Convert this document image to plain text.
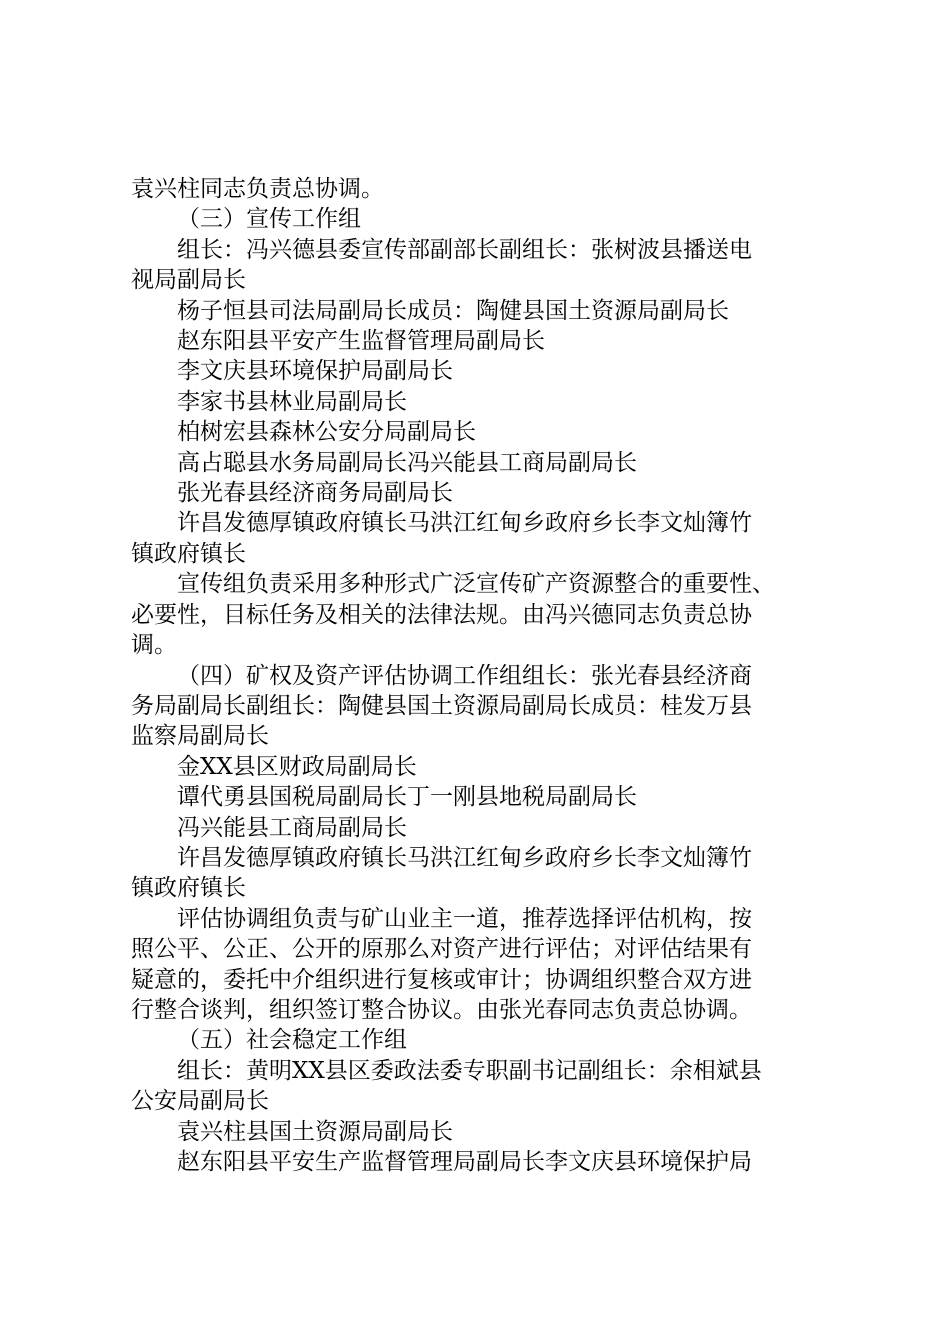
袁兴柱同志负责总协调。

（三）宣传工作组

组长：冯兴德县委宣传部副部长副组长：张树波县播送电
视局副局长

杨子恒县司法局副局长成员：陶健县国土资源局副局长

赵东阳县平安产生监督管理局副局长

李文庆县环境保护局副局长

李家书县林业局副局长

柏树宏县森林公安分局副局长

高占聪县水务局副局长冯兴能县工商局副局长

张光春县经济商务局副局长

许昌发德厚镇政府镇长马洪江红甸乡政府乡长李文灿簿竹
镇政府镇长

宣传组负责采用多种形式广泛宣传矿产资源整合的重要性、
必要性，目标任务及相关的法律法规。由冯兴德同志负责总协
调。

（四）矿权及资产评估协调工作组组长：张光春县经济商
务局副局长副组长：陶健县国土资源局副局长成员：桂发万县
监察局副局长

金XX县区财政局副局长

谭代勇县国税局副局长丁一刚县地税局副局长

冯兴能县工商局副局长

许昌发德厚镇政府镇长马洪江红甸乡政府乡长李文灿簿竹
镇政府镇长

评估协调组负责与矿山业主一道，推荐选择评估机构，按
照公平、公正、公开的原那么对资产进行评估；对评估结果有
疑意的，委托中介组织进行复核或审计；协调组织整合双方进
行整合谈判，组织签订整合协议。由张光春同志负责总协调。

（五）社会稳定工作组

组长：黄明XX县区委政法委专职副书记副组长：余相斌县
公安局副局长

袁兴柱县国土资源局副局长

赵东阳县平安生产监督管理局副局长李文庆县环境保护局
